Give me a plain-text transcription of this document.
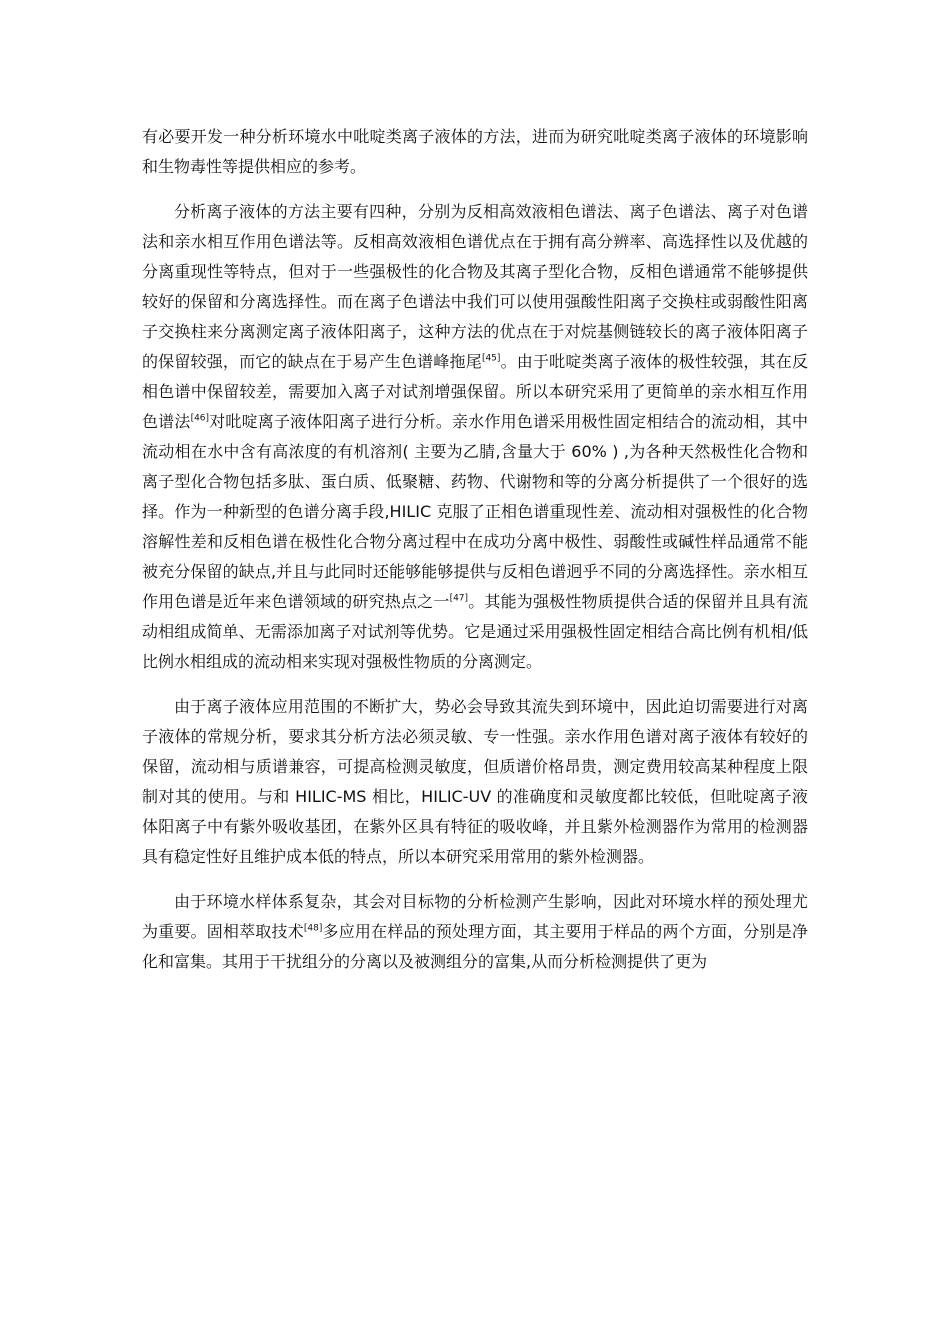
有必要开发一种分析环境水中吡啶类离子液体的方法，进而为研究吡啶类离子液体的环境影响和生物毒性等提供相应的参考。

分析离子液体的方法主要有四种，分别为反相高效液相色谱法、离子色谱法、离子对色谱法和亲水相互作用色谱法等。反相高效液相色谱优点在于拥有高分辨率、高选择性以及优越的分离重现性等特点，但对于一些强极性的化合物及其离子型化合物，反相色谱通常不能够提供较好的保留和分离选择性。而在离子色谱法中我们可以使用强酸性阳离子交换柱或弱酸性阳离子交换柱来分离测定离子液体阳离子，这种方法的优点在于对烷基侧链较长的离子液体阳离子的保留较强，而它的缺点在于易产生色谱峰拖尾[45]。由于吡啶类离子液体的极性较强，其在反相色谱中保留较差，需要加入离子对试剂增强保留。所以本研究采用了更简单的亲水相互作用色谱法[46]对吡啶离子液体阳离子进行分析。亲水作用色谱采用极性固定相结合的流动相，其中流动相在水中含有高浓度的有机溶剂( 主要为乙腈,含量大于 60% ) ,为各种天然极性化合物和离子型化合物包括多肽、蛋白质、低聚糖、药物、代谢物和等的分离分析提供了一个很好的选择。作为一种新型的色谱分离手段,HILIC 克服了正相色谱重现性差、流动相对强极性的化合物溶解性差和反相色谱在极性化合物分离过程中在成功分离中极性、弱酸性或碱性样品通常不能被充分保留的缺点,并且与此同时还能够能够提供与反相色谱迥乎不同的分离选择性。亲水相互作用色谱是近年来色谱领域的研究热点之一[47]。其能为强极性物质提供合适的保留并且具有流动相组成简单、无需添加离子对试剂等优势。它是通过采用强极性固定相结合高比例有机相/低比例水相组成的流动相来实现对强极性物质的分离测定。

由于离子液体应用范围的不断扩大，势必会导致其流失到环境中，因此迫切需要进行对离子液体的常规分析，要求其分析方法必须灵敏、专一性强。亲水作用色谱对离子液体有较好的保留，流动相与质谱兼容，可提高检测灵敏度，但质谱价格昂贵，测定费用较高某种程度上限制对其的使用。与和 HILIC-MS 相比，HILIC-UV 的准确度和灵敏度都比较低，但吡啶离子液体阳离子中有紫外吸收基团，在紫外区具有特征的吸收峰，并且紫外检测器作为常用的检测器具有稳定性好且维护成本低的特点，所以本研究采用常用的紫外检测器。

由于环境水样体系复杂，其会对目标物的分析检测产生影响，因此对环境水样的预处理尤为重要。固相萃取技术[48]多应用在样品的预处理方面，其主要用于样品的两个方面，分别是净化和富集。其用于干扰组分的分离以及被测组分的富集,从而分析检测提供了更为
